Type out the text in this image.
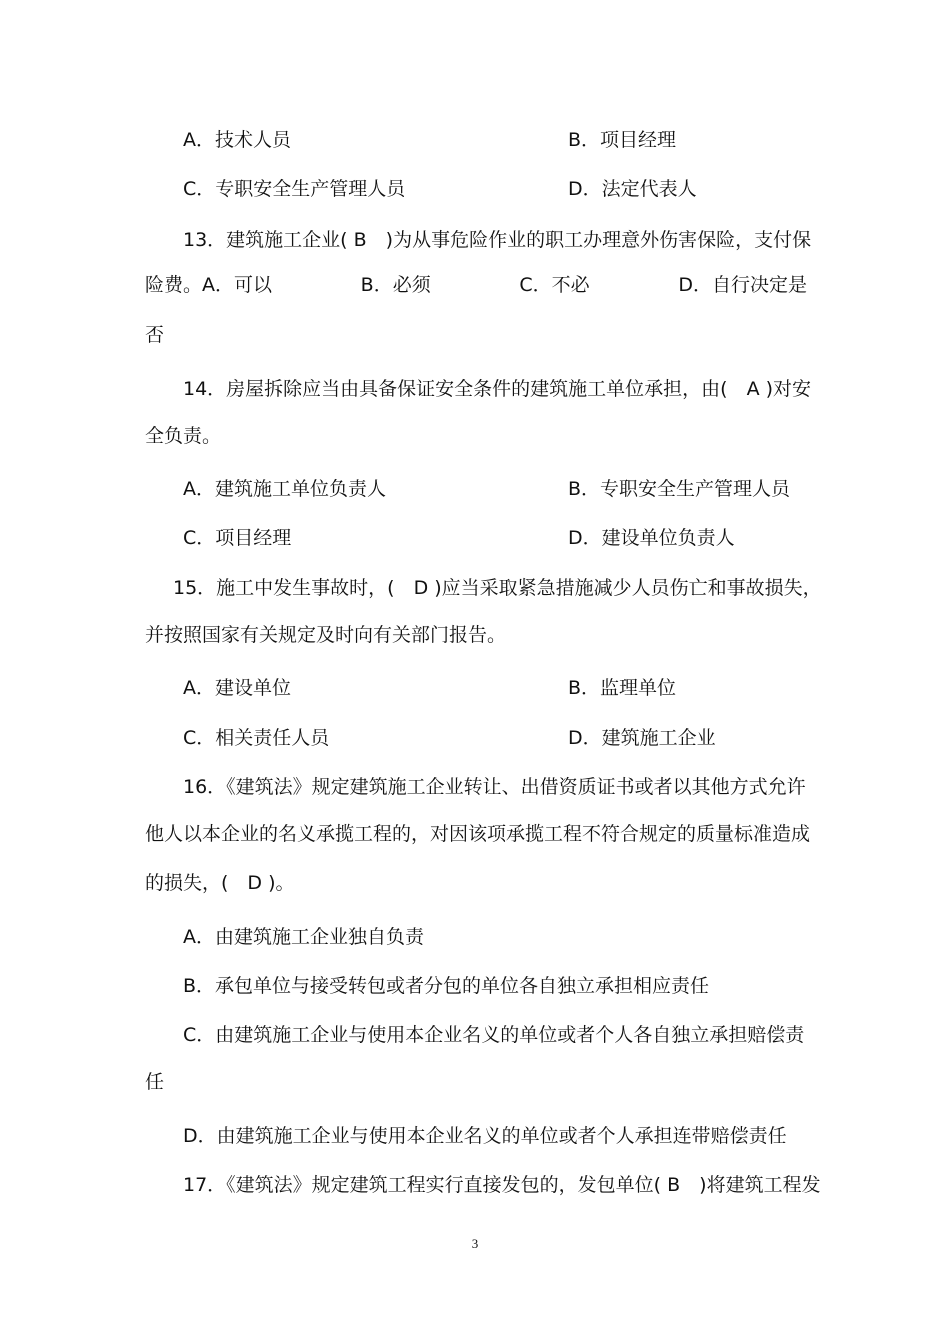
A．技术人员	B．项目经理
C．专职安全生产管理人员	D．法定代表人
13．建筑施工企业( B　)为从事危险作业的职工办理意外伤害保险，支付保
险费。A．可以	B．必须	C．不必	D．自行决定是
否
14．房屋拆除应当由具备保证安全条件的建筑施工单位承担，由(　A )对安
全负责。
A．建筑施工单位负责人	B．专职安全生产管理人员
C．项目经理	D．建设单位负责人
15．施工中发生事故时，(　D )应当采取紧急措施减少人员伤亡和事故损失，
并按照国家有关规定及时向有关部门报告。
A．建设单位	B．监理单位
C．相关责任人员	D．建筑施工企业
16．《建筑法》规定建筑施工企业转让、出借资质证书或者以其他方式允许
他人以本企业的名义承揽工程的，对因该项承揽工程不符合规定的质量标准造成
的损失，(　D )。
A．由建筑施工企业独自负责
B．承包单位与接受转包或者分包的单位各自独立承担相应责任
C．由建筑施工企业与使用本企业名义的单位或者个人各自独立承担赔偿责
任
D．由建筑施工企业与使用本企业名义的单位或者个人承担连带赔偿责任
17．《建筑法》规定建筑工程实行直接发包的，发包单位( B　)将建筑工程发
3
